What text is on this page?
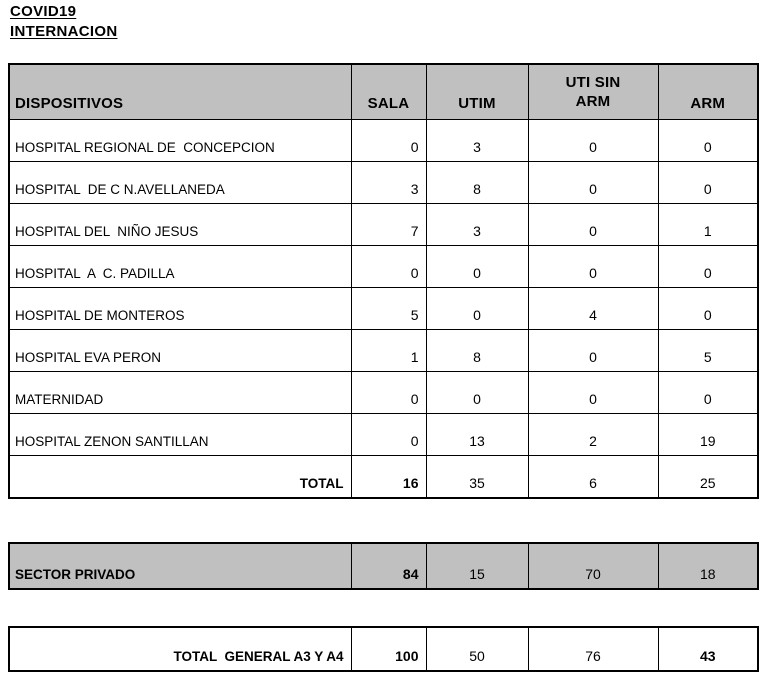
COVID19
INTERNACION
DISPOSITIVOS	SALA	UTIM	UTI SIN ARM	ARM
HOSPITAL REGIONAL DE  CONCEPCION	0	3	0	0
HOSPITAL  DE C N.AVELLANEDA	3	8	0	0
HOSPITAL DEL  NIÑO JESUS	7	3	0	1
HOSPITAL  A  C. PADILLA	0	0	0	0
HOSPITAL DE MONTEROS	5	0	4	0
HOSPITAL EVA PERON	1	8	0	5
MATERNIDAD	0	0	0	0
HOSPITAL ZENON SANTILLAN	0	13	2	19
TOTAL	16	35	6	25
SECTOR PRIVADO	84	15	70	18
TOTAL  GENERAL A3 Y A4	100	50	76	43
